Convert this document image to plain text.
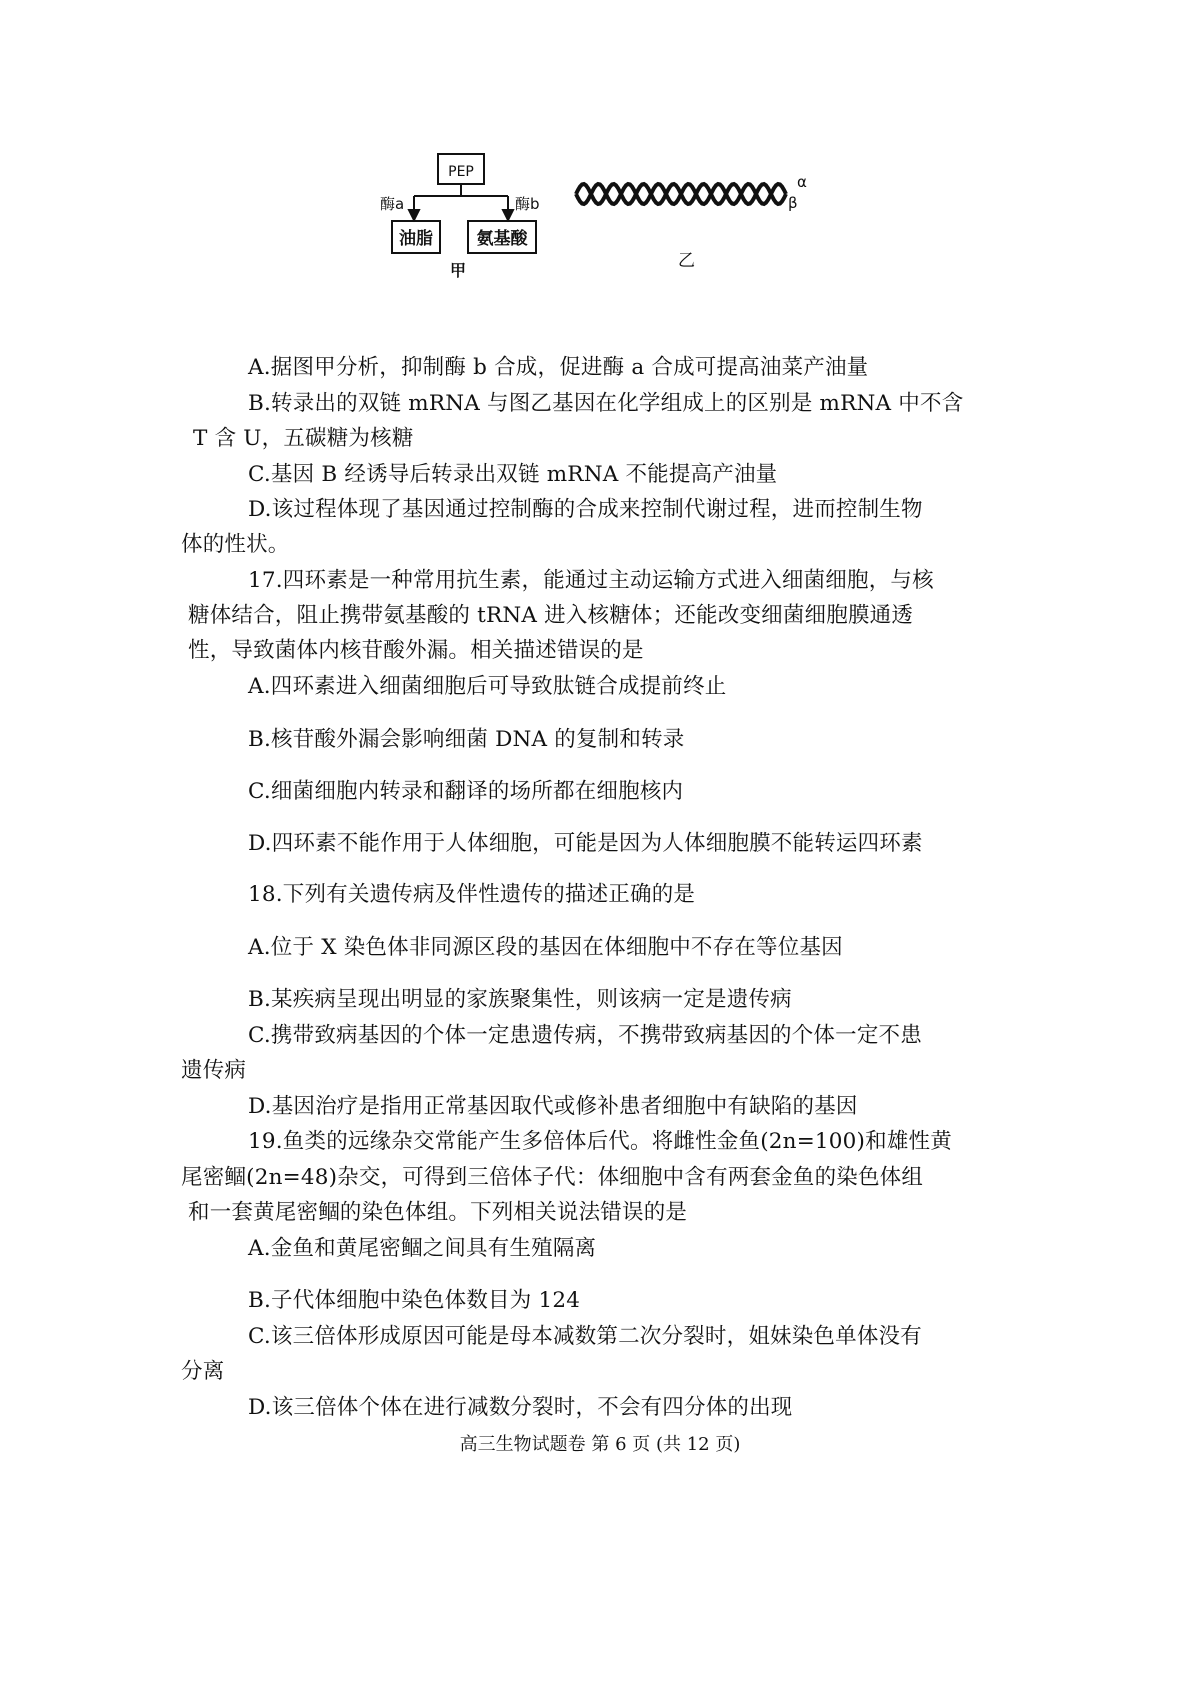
PEP
酶a	酶b
油脂	氨基酸
甲
α
β
乙
A.据图甲分析，抑制酶 b 合成，促进酶 a 合成可提高油菜产油量
B.转录出的双链 mRNA 与图乙基因在化学组成上的区别是 mRNA 中不含
T 含 U，五碳糖为核糖
C.基因 B 经诱导后转录出双链 mRNA 不能提高产油量
D.该过程体现了基因通过控制酶的合成来控制代谢过程，进而控制生物
体的性状。
17.四环素是一种常用抗生素，能通过主动运输方式进入细菌细胞，与核
糖体结合，阻止携带氨基酸的 tRNA 进入核糖体；还能改变细菌细胞膜通透
性，导致菌体内核苷酸外漏。相关描述错误的是
A.四环素进入细菌细胞后可导致肽链合成提前终止
B.核苷酸外漏会影响细菌 DNA 的复制和转录
C.细菌细胞内转录和翻译的场所都在细胞核内
D.四环素不能作用于人体细胞，可能是因为人体细胞膜不能转运四环素
18.下列有关遗传病及伴性遗传的描述正确的是
A.位于 X 染色体非同源区段的基因在体细胞中不存在等位基因
B.某疾病呈现出明显的家族聚集性，则该病一定是遗传病
C.携带致病基因的个体一定患遗传病，不携带致病基因的个体一定不患
遗传病
D.基因治疗是指用正常基因取代或修补患者细胞中有缺陷的基因
19.鱼类的远缘杂交常能产生多倍体后代。将雌性金鱼(2n=100)和雄性黄
尾密鲴(2n=48)杂交，可得到三倍体子代：体细胞中含有两套金鱼的染色体组
和一套黄尾密鲴的染色体组。下列相关说法错误的是
A.金鱼和黄尾密鲴之间具有生殖隔离
B.子代体细胞中染色体数目为 124
C.该三倍体形成原因可能是母本减数第二次分裂时，姐妹染色单体没有
分离
D.该三倍体个体在进行减数分裂时，不会有四分体的出现
高三生物试题卷 第 6 页 (共 12 页)
